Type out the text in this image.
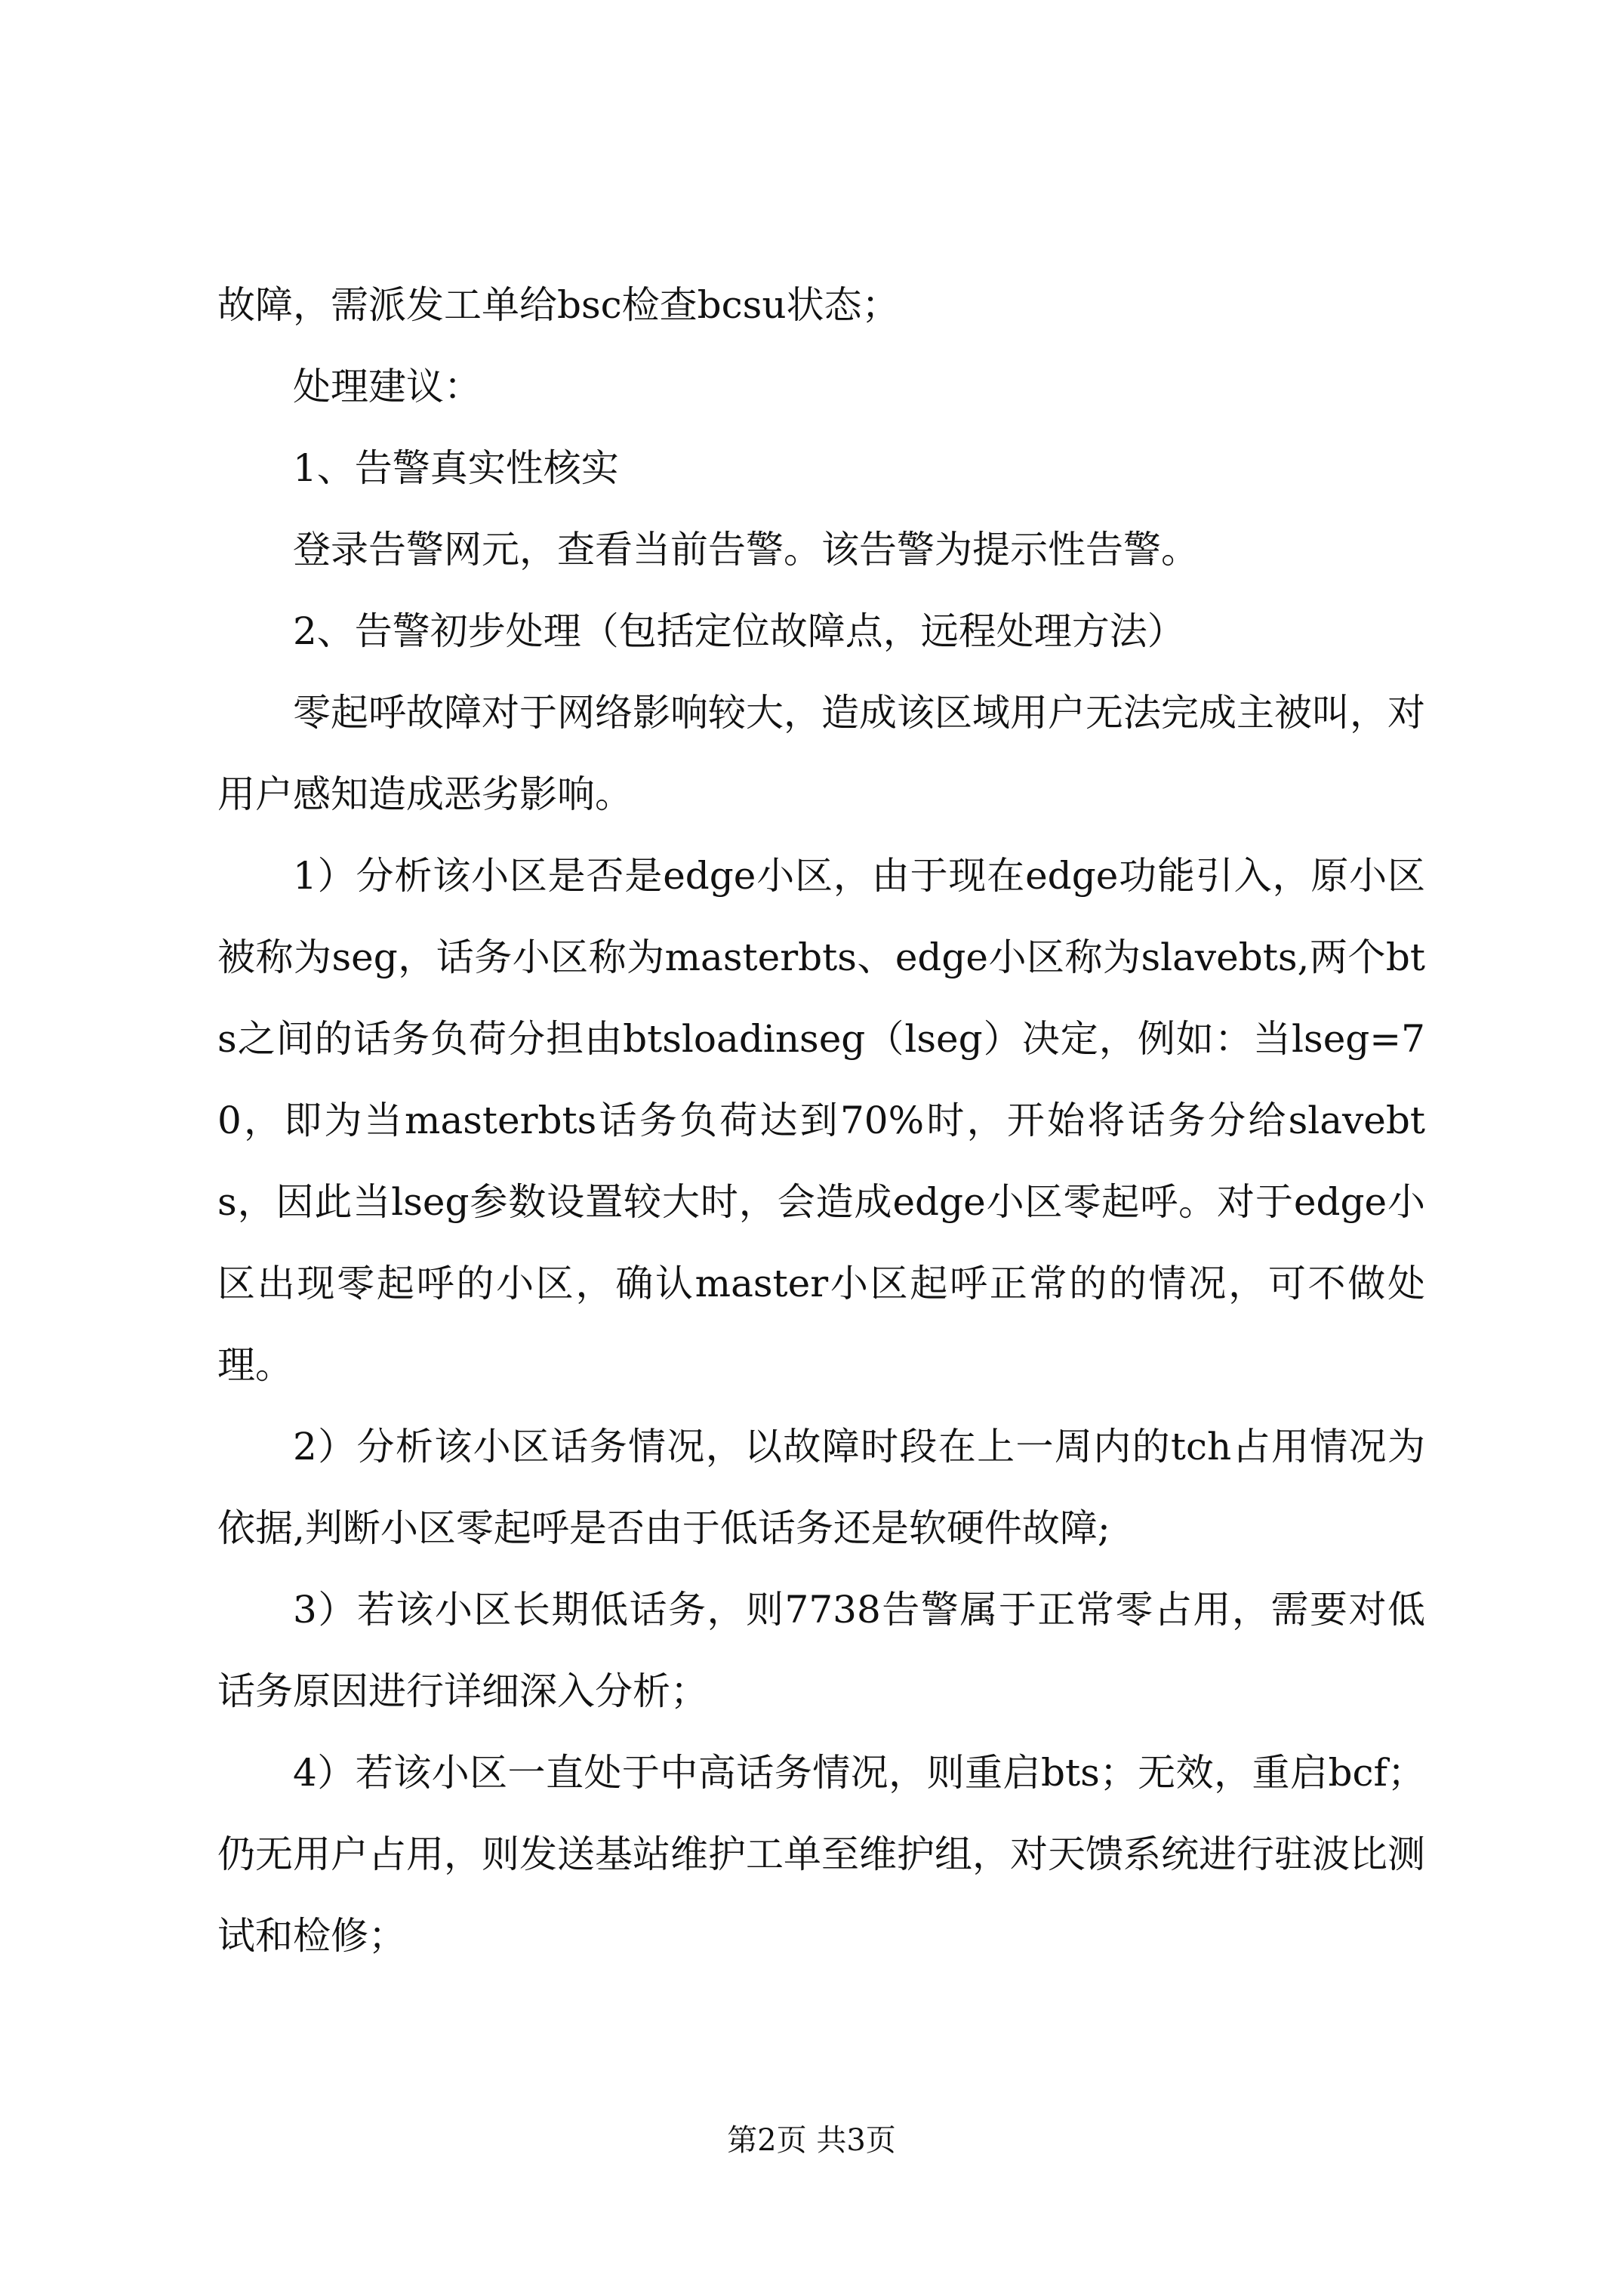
故障，需派发工单给bsc检查bcsu状态；

处理建议：

1、告警真实性核实

登录告警网元，查看当前告警。该告警为提示性告警。

2、告警初步处理（包括定位故障点，远程处理方法）

零起呼故障对于网络影响较大，造成该区域用户无法完成主被叫，对用户感知造成恶劣影响。

1）分析该小区是否是edge小区，由于现在edge功能引入，原小区被称为seg，话务小区称为masterbts、edge小区称为slavebts,两个bts之间的话务负荷分担由btsloadinseg（lseg）决定，例如：当lseg=70，即为当masterbts话务负荷达到70%时，开始将话务分给slavebts，因此当lseg参数设置较大时，会造成edge小区零起呼。对于edge小区出现零起呼的小区，确认master小区起呼正常的的情况，可不做处理。

2）分析该小区话务情况，以故障时段在上一周内的tch占用情况为依据,判断小区零起呼是否由于低话务还是软硬件故障;

3）若该小区长期低话务，则7738告警属于正常零占用，需要对低话务原因进行详细深入分析；

4）若该小区一直处于中高话务情况，则重启bts；无效，重启bcf；仍无用户占用，则发送基站维护工单至维护组，对天馈系统进行驻波比测试和检修；

第2页 共3页
